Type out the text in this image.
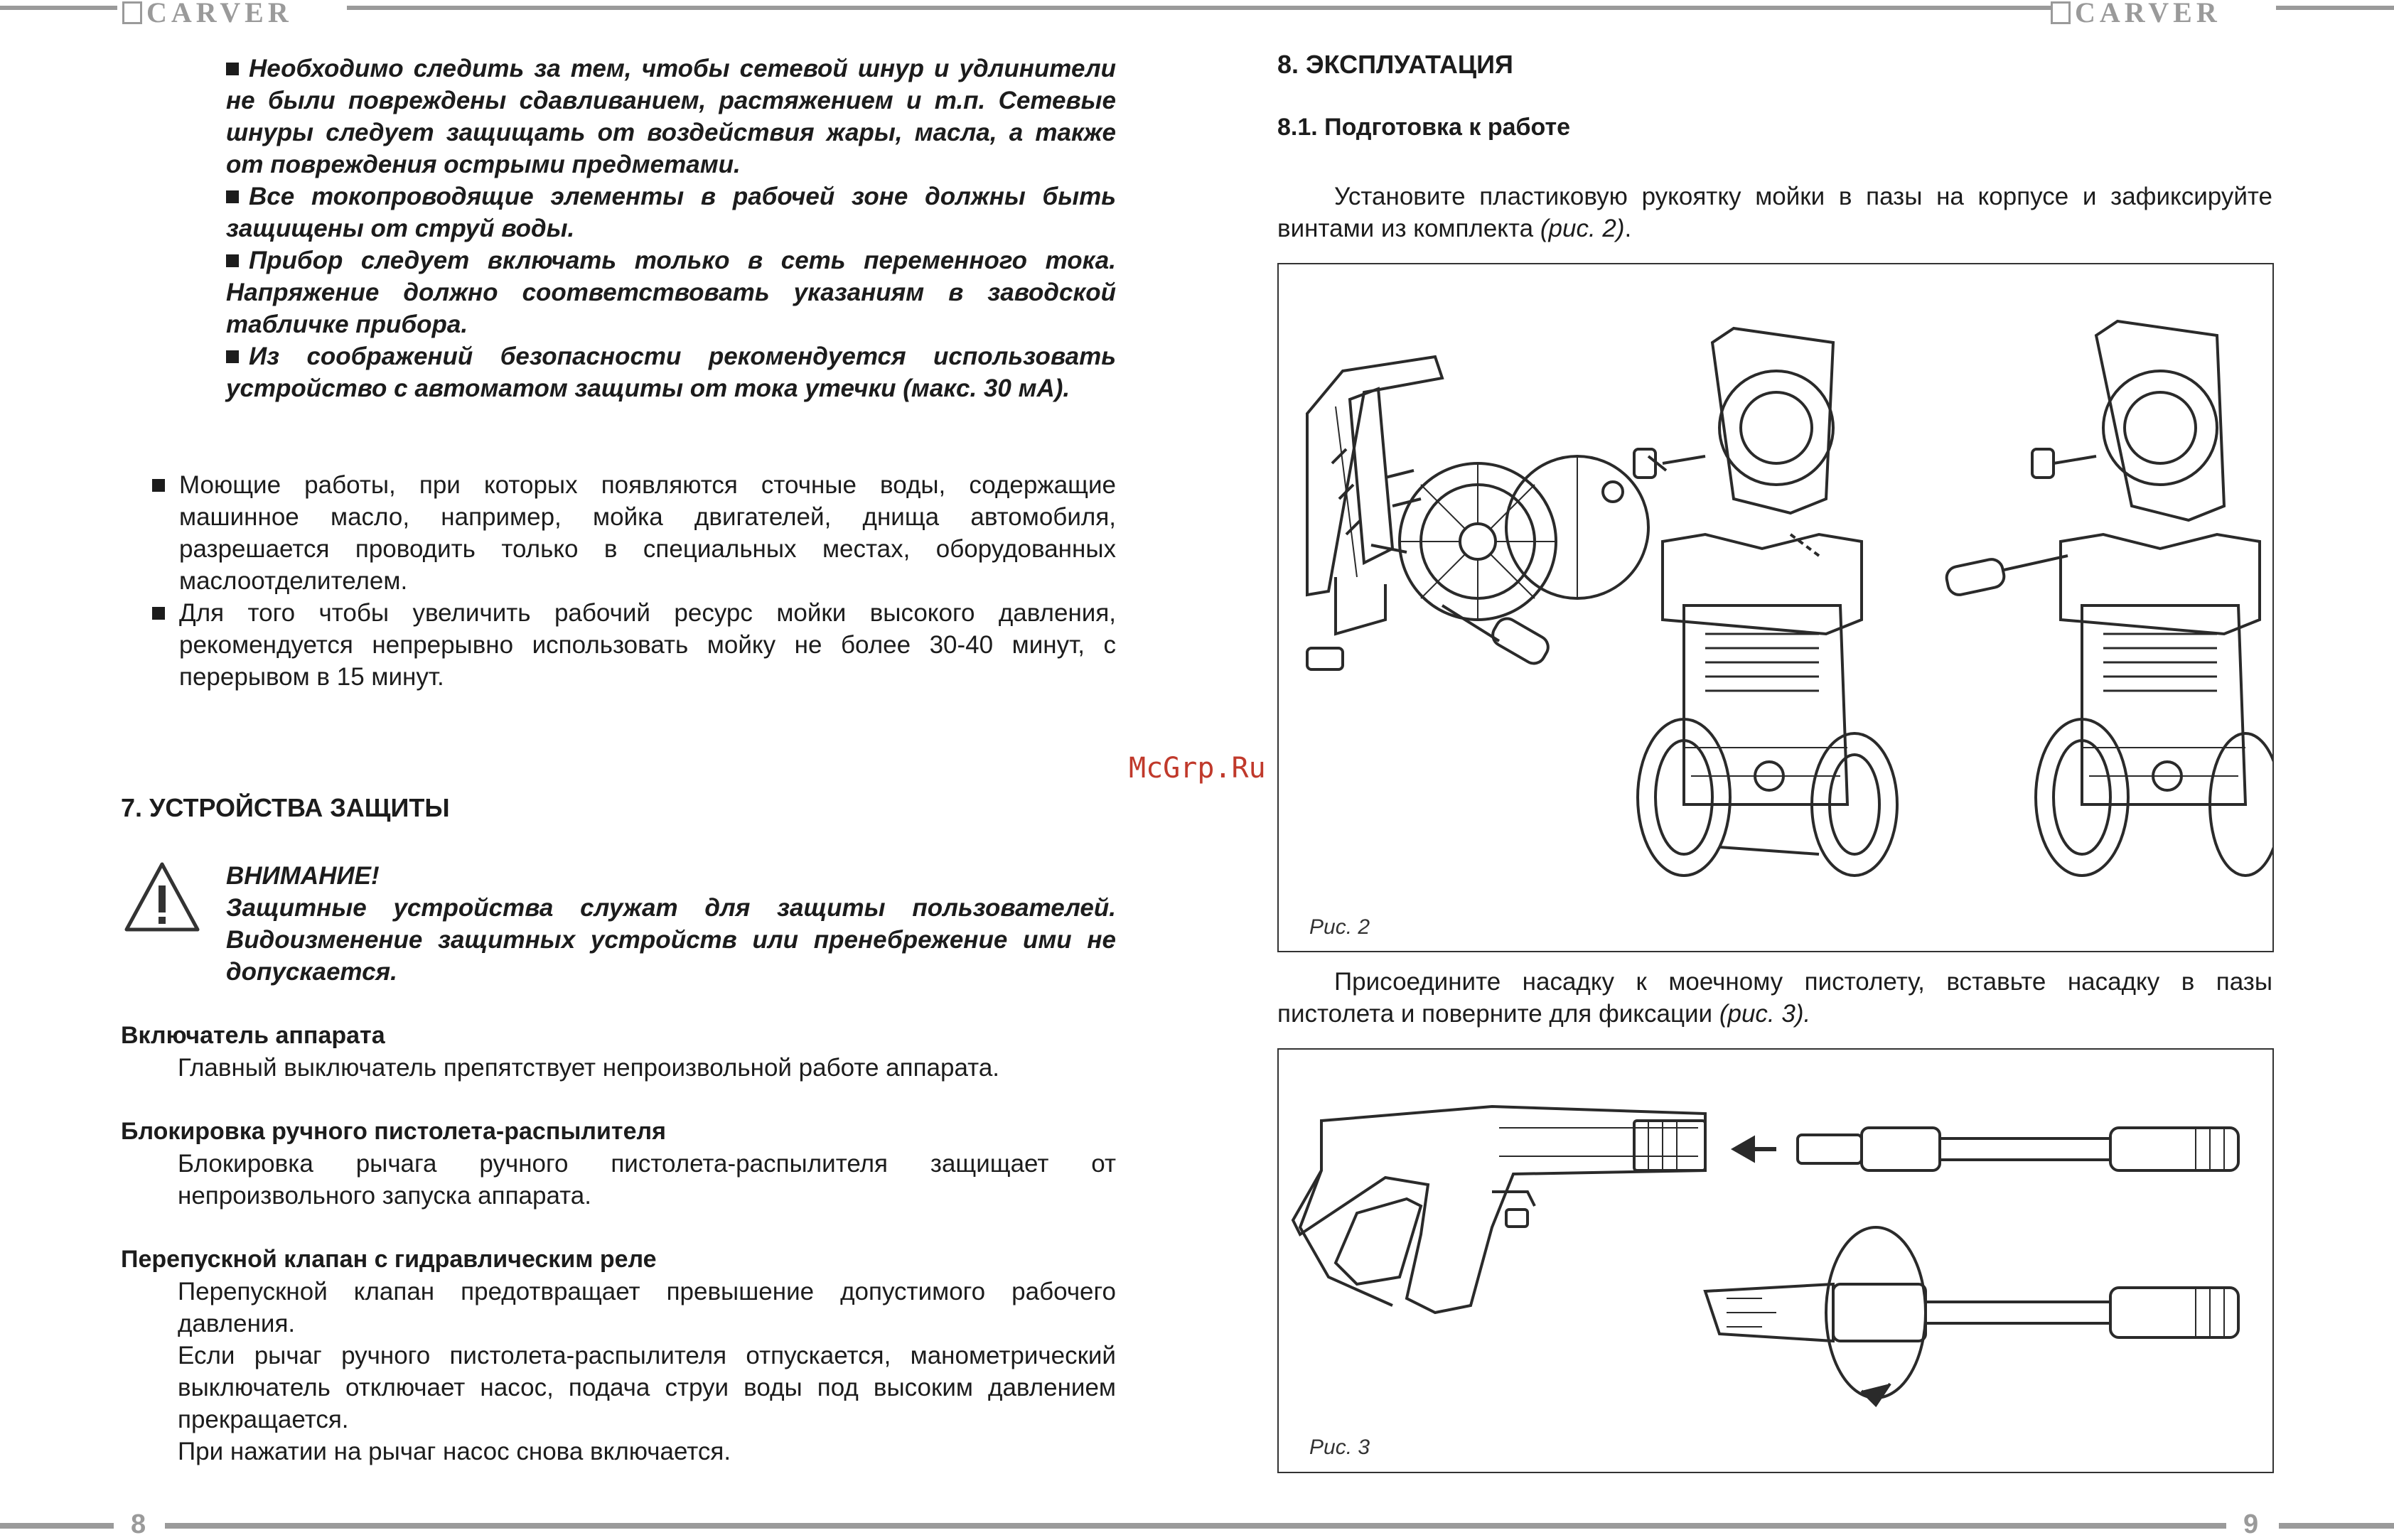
CARVER	CARVER

Необходимо следить за тем, чтобы сетевой шнур и удлинители не были повреждены сдавливанием, растяжением и т.п. Сетевые шнуры следует защищать от воздействия жары, масла, а также от повреждения острыми предметами.

Все токопроводящие элементы в рабочей зоне должны быть защищены от струй воды.

Прибор следует включать только в сеть переменного тока. Напряжение должно соответствовать указаниям в заводской табличке прибора.

Из соображений безопасности рекомендуется использовать устройство с автоматом защиты от тока утечки (макс. 30 мА).

Моющие работы, при которых появляются сточные воды, содержащие машинное масло, например, мойка двигателей, днища автомобиля, разрешается проводить только в специальных местах, оборудованных маслоотделителем.

Для того чтобы увеличить рабочий ресурс мойки высокого давления, рекомендуется непрерывно использовать мойку не более 30-40 минут, с перерывом в 15 минут.

7. УСТРОЙСТВА ЗАЩИТЫ

ВНИМАНИЕ!

Защитные устройства служат для защиты пользователей. Видоизменение защитных устройств или пренебрежение ими не допускается.

Включатель аппарата

Главный выключатель препятствует непроизвольной работе аппарата.

Блокировка ручного пистолета-распылителя

Блокировка рычага ручного пистолета-распылителя защищает от непроизвольного запуска аппарата.

Перепускной клапан с гидравлическим реле

Перепускной клапан предотвращает превышение допустимого рабочего давления.

Если рычаг ручного пистолета-распылителя отпускается, манометрический выключатель отключает насос, подача струи воды под высоким давлением прекращается.

При нажатии на рычаг насос снова включается.

McGrp.Ru
8. ЭКСПЛУАТАЦИЯ
8.1. Подготовка к работе

Установите пластиковую рукоятку мойки в пазы на корпусе и зафиксируйте винтами из комплекта (рис. 2).

Рис. 2

Присоедините насадку к моечному пистолету, вставьте насадку в пазы пистолета и поверните для фиксации (рис. 3).

Рис. 3
8	9
